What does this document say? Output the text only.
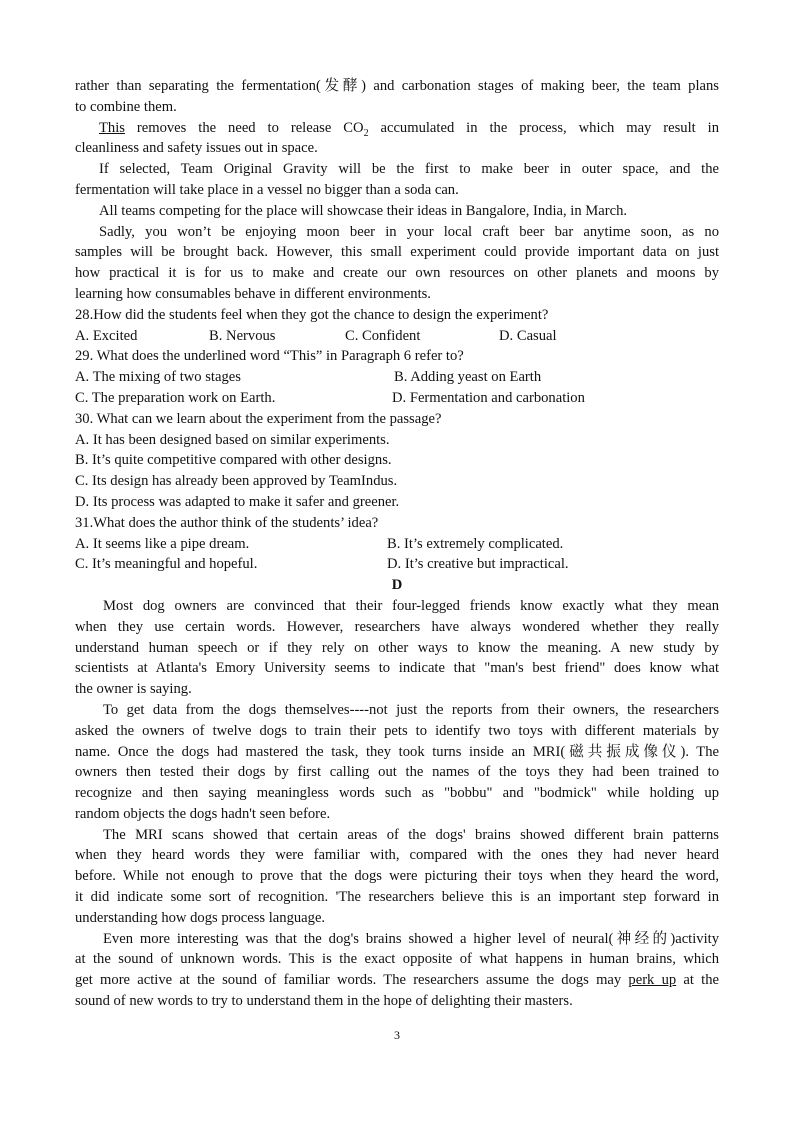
rather than separating the fermentation(发酵) and carbonation stages of making beer, the team plans
to combine them.
This removes the need to release $CO_2$ accumulated in the process, which may result in
cleanliness and safety issues out in space.
If selected, Team Original Gravity will be the first to make beer in outer space, and the
fermentation will take place in a vessel no bigger than a soda can.
All teams competing for the place will showcase their ideas in Bangalore, India, in March.
Sadly, you won’t be enjoying moon beer in your local craft beer bar anytime soon, as no
samples will be brought back. However, this small experiment could provide important data on just
how practical it is for us to make and create our own resources on other planets and moons by
learning how consumables behave in different environments.
28.How did the students feel when they got the chance to design the experiment?
A. Excited	B. Nervous	C. Confident	D. Casual
29. What does the underlined word “This” in Paragraph 6 refer to?
A. The mixing of two stages	B. Adding yeast on Earth
C. The preparation work on Earth.	D. Fermentation and carbonation
30. What can we learn about the experiment from the passage?
A. It has been designed based on similar experiments.
B. It’s quite competitive compared with other designs.
C. Its design has already been approved by TeamIndus.
D. Its process was adapted to make it safer and greener.
31.What does the author think of the students’ idea?
A. It seems like a pipe dream.	B. It’s extremely complicated.
C. It’s meaningful and hopeful.	D. It’s creative but impractical.
D
Most dog owners are convinced that their four-legged friends know exactly what they mean
when they use certain words. However, researchers have always wondered whether they really
understand human speech or if they rely on other ways to know the meaning. A new study by
scientists at Atlanta's Emory University seems to indicate that "man's best friend" does know what
the owner is saying.
To get data from the dogs themselves----not just the reports from their owners, the researchers
asked the owners of twelve dogs to train their pets to identify two toys with different materials by
name. Once the dogs had mastered the task, they took turns inside an MRI(磁共振成像仪). The
owners then tested their dogs by first calling out the names of the toys they had been trained to
recognize and then saying meaningless words such as "bobbu" and "bodmick" while holding up
random objects the dogs hadn't seen before.
The MRI scans showed that certain areas of the dogs' brains showed different brain patterns
when they heard words they were familiar with, compared with the ones they had never heard
before. While not enough to prove that the dogs were picturing their toys when they heard the word,
it did indicate some sort of recognition. 'The researchers believe this is an important step forward in
understanding how dogs process language.
Even more interesting was that the dog's brains showed a higher level of neural(神经的)activity
at the sound of unknown words. This is the exact opposite of what happens in human brains, which
get more active at the sound of familiar words. The researchers assume the dogs may perk up at the
sound of new words to try to understand them in the hope of delighting their masters.
3
